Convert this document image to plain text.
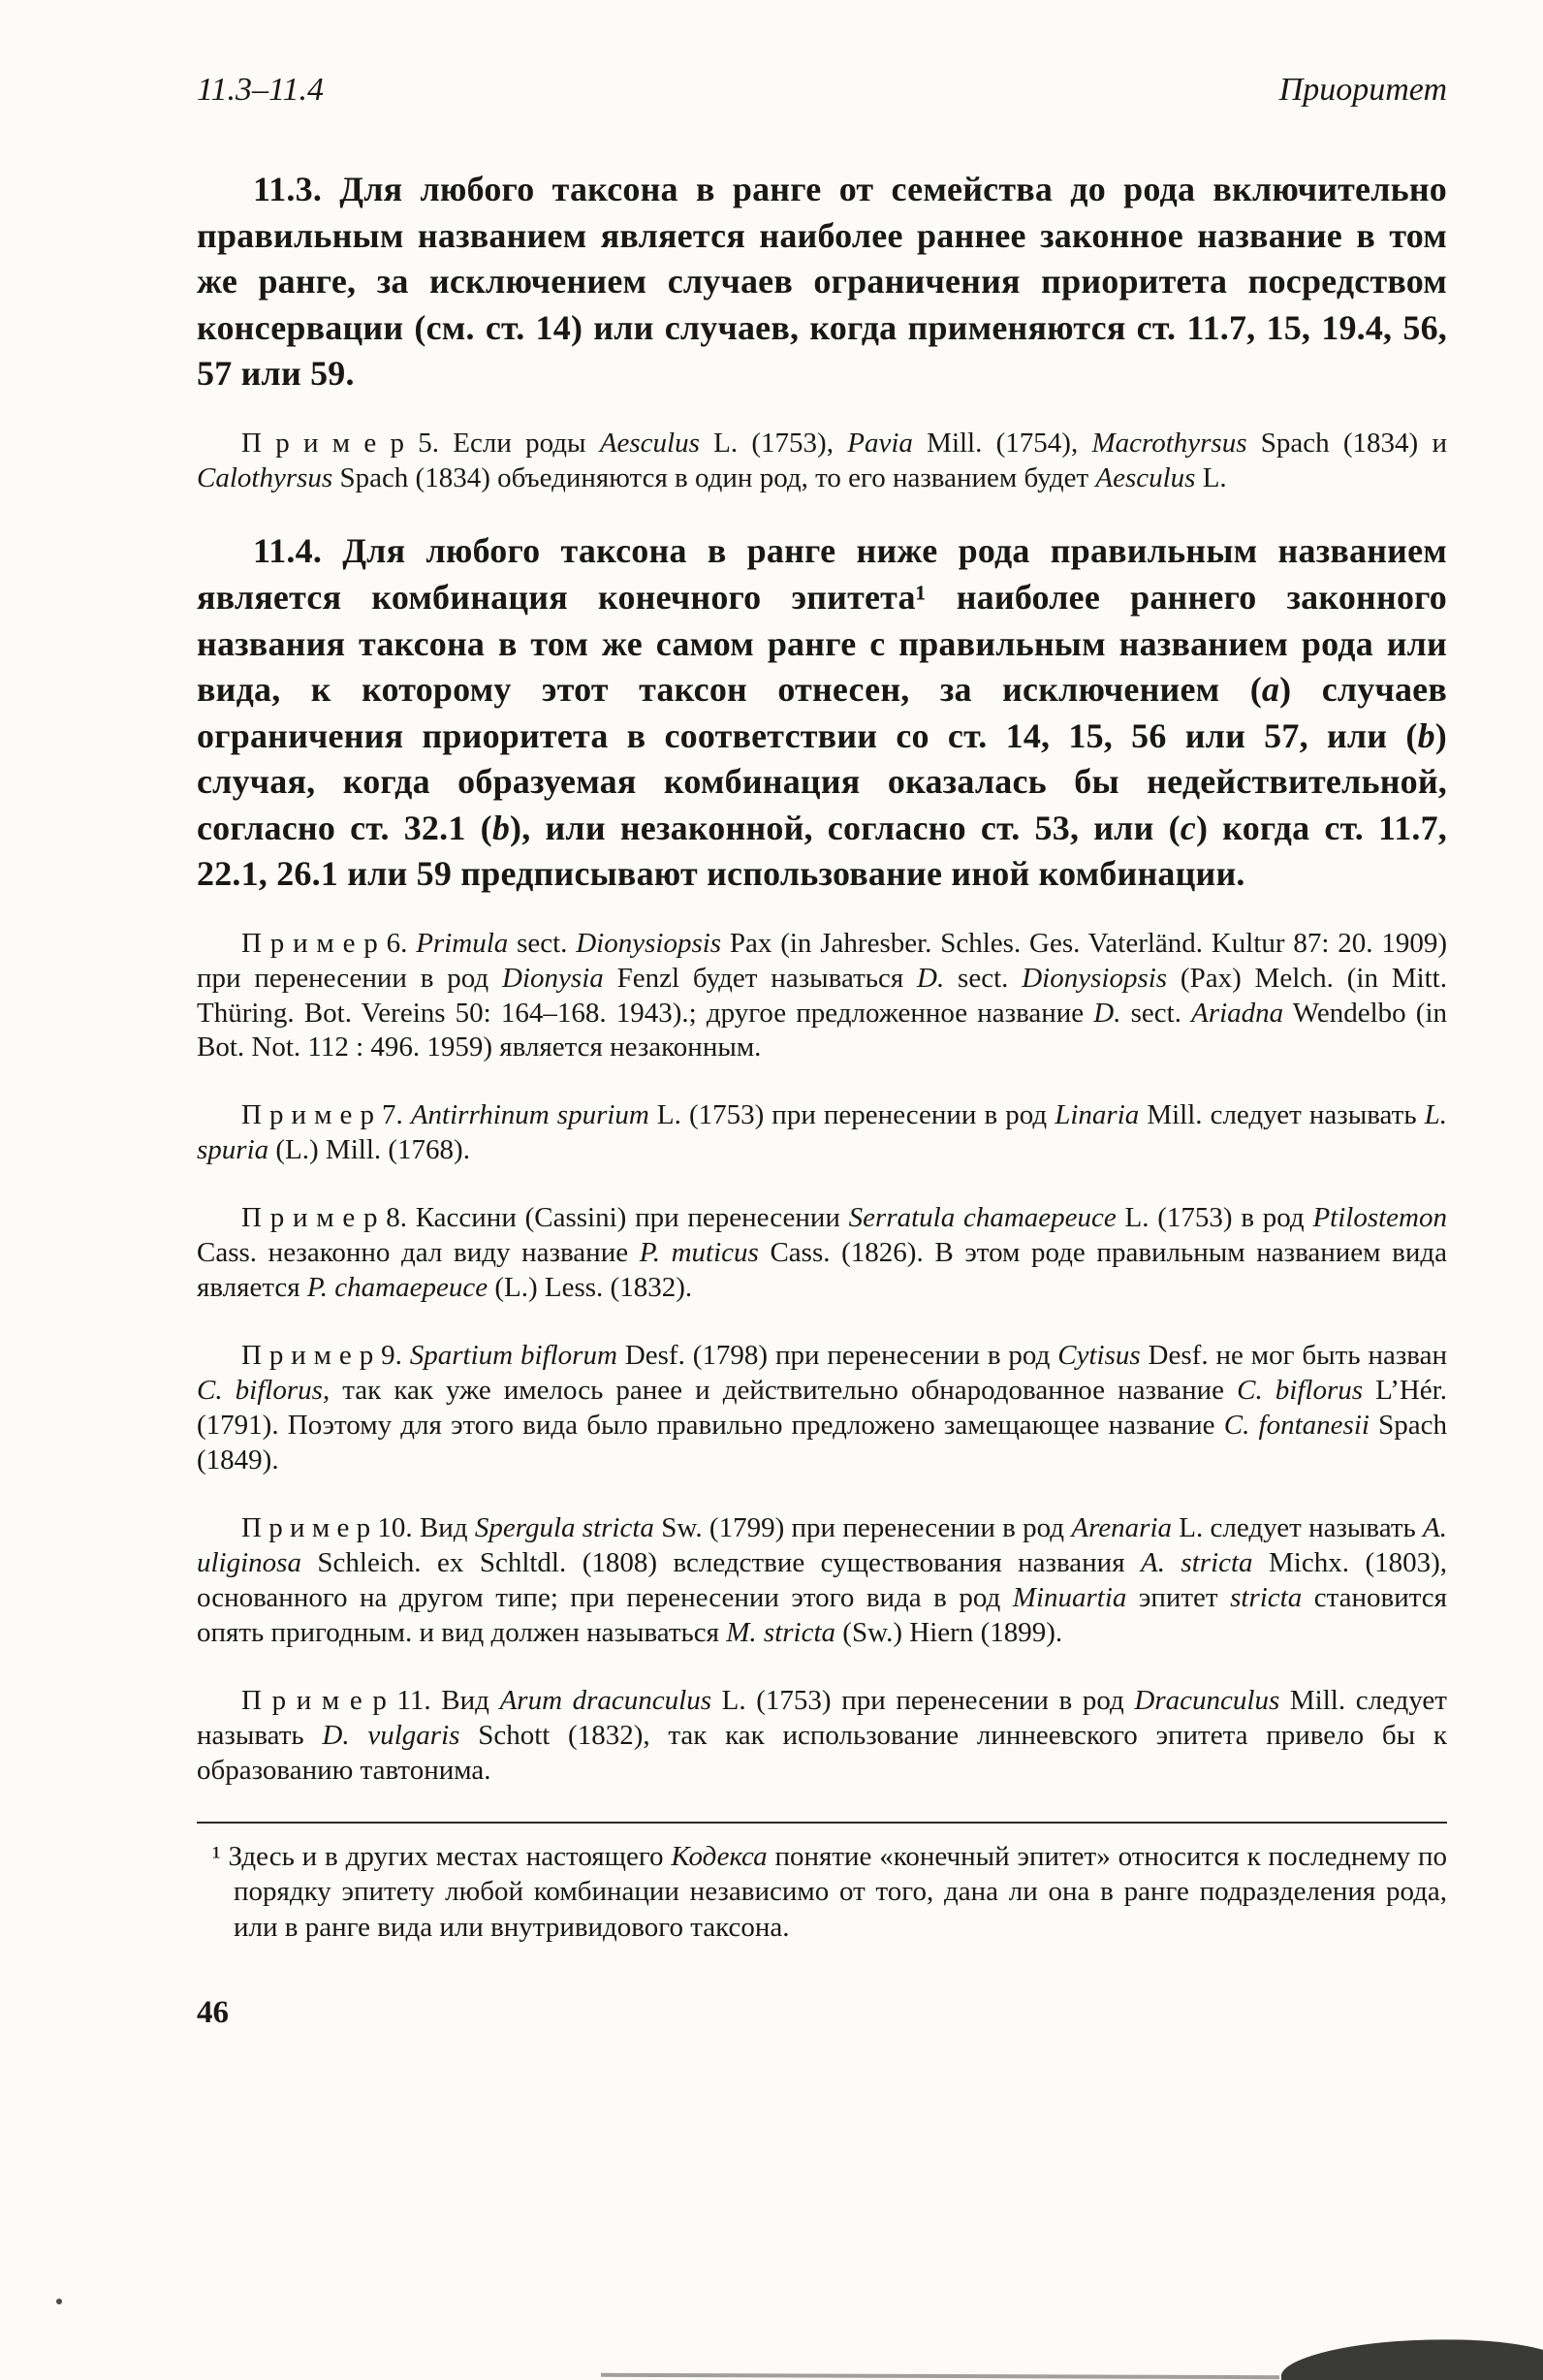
11.3–11.4	Приоритет

11.3. Для любого таксона в ранге от семейства до рода включительно правильным названием является наиболее раннее законное название в том же ранге, за исключением случаев ограничения приоритета посредством консервации (см. ст. 14) или случаев, когда применяются ст. 11.7, 15, 19.4, 56, 57 или 59.

П р и м е р 5. Если роды Aesculus L. (1753), Pavia Mill. (1754), Macrothyrsus Spach (1834) и Calothyrsus Spach (1834) объединяются в один род, то его названием будет Aesculus L.

11.4. Для любого таксона в ранге ниже рода правильным названием является комбинация конечного эпитета¹ наиболее раннего законного названия таксона в том же самом ранге с правильным названием рода или вида, к которому этот таксон отнесен, за исключением (a) случаев ограничения приоритета в соответствии со ст. 14, 15, 56 или 57, или (b) случая, когда образуемая комбинация оказалась бы недействительной, согласно ст. 32.1 (b), или незаконной, согласно ст. 53, или (c) когда ст. 11.7, 22.1, 26.1 или 59 предписывают использование иной комбинации.

П р и м е р 6. Primula sect. Dionysiopsis Pax (in Jahresber. Schles. Ges. Vaterländ. Kultur 87: 20. 1909) при перенесении в род Dionysia Fenzl будет называться D. sect. Dionysiopsis (Pax) Melch. (in Mitt. Thüring. Bot. Vereins 50: 164–168. 1943).; другое предложенное название D. sect. Ariadna Wendelbo (in Bot. Not. 112 : 496. 1959) является незаконным.

П р и м е р 7. Antirrhinum spurium L. (1753) при перенесении в род Linaria Mill. следует называть L. spuria (L.) Mill. (1768).

П р и м е р 8. Кассини (Cassini) при перенесении Serratula chamaepeuce L. (1753) в род Ptilostemon Cass. незаконно дал виду название P. muticus Cass. (1826). В этом роде правильным названием вида является P. chamaepeuce (L.) Less. (1832).

П р и м е р 9. Spartium biflorum Desf. (1798) при перенесении в род Cytisus Desf. не мог быть назван C. biflorus, так как уже имелось ранее и действительно обнародованное название C. biflorus L’Hér. (1791). Поэтому для этого вида было правильно предложено замещающее название C. fontanesii Spach (1849).

П р и м е р 10. Вид Spergula stricta Sw. (1799) при перенесении в род Arenaria L. следует называть A. uliginosa Schleich. ex Schltdl. (1808) вследствие существования названия A. stricta Michx. (1803), основанного на другом типе; при перенесении этого вида в род Minuartia эпитет stricta становится опять пригодным. и вид должен называться M. stricta (Sw.) Hiern (1899).

П р и м е р 11. Вид Arum dracunculus L. (1753) при перенесении в род Dracunculus Mill. следует называть D. vulgaris Schott (1832), так как использование линнеевского эпитета привело бы к образованию тавтонима.

¹ Здесь и в других местах настоящего Кодекса понятие «конечный эпитет» относится к последнему по порядку эпитету любой комбинации независимо от того, дана ли она в ранге подразделения рода, или в ранге вида или внутривидового таксона.

46
